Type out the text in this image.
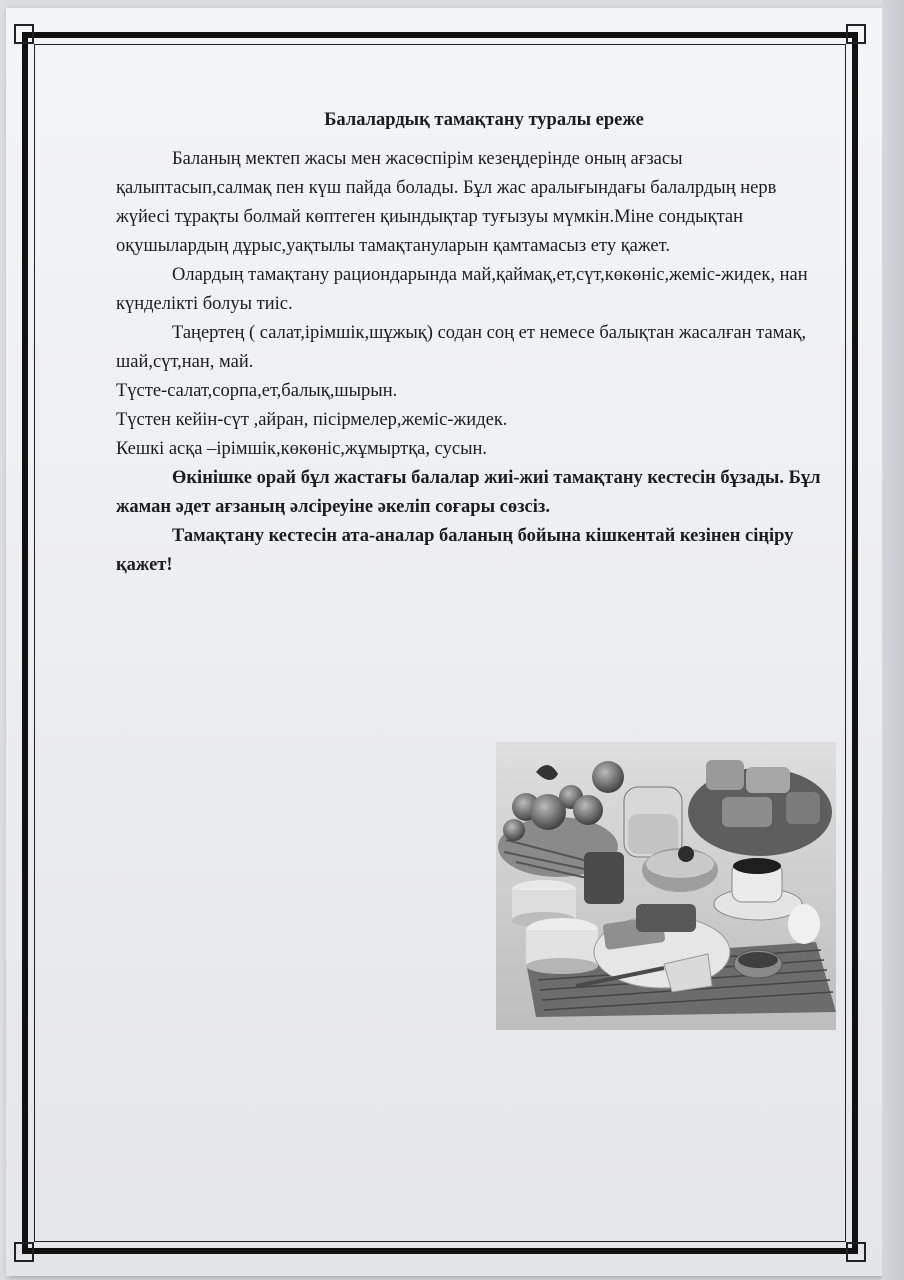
Балалардық тамақтану туралы ереже

Баланың мектеп жасы мен жасөспірім кезеңдерінде оның ағзасы қалыптасып,салмақ пен күш пайда болады. Бұл жас аралығындағы балалрдың нерв жүйесі тұрақты болмай көптеген қиындықтар туғызуы мүмкін.Міне сондықтан оқушылардың дұрыс,уақтылы тамақтануларын қамтамасыз ету қажет.

Олардың тамақтану рациондарында май,қаймақ,ет,сүт,көкөніс,жеміс-жидек, нан күнделікті болуы тиіс.

Таңертең ( салат,ірімшік,шұжық) содан соң ет немесе балықтан жасалған тамақ, шай,сүт,нан, май.

Түсте-салат,сорпа,ет,балық,шырын.

Түстен кейін-сүт ,айран, пісірмелер,жеміс-жидек.

Кешкі асқа –ірімшік,көкөніс,жұмыртқа, сусын.

Өкінішке орай бұл жастағы балалар жиі-жиі тамақтану кестесін бұзады. Бұл жаман әдет ағзаның әлсіреуіне әкеліп соғары сөзсіз.

Тамақтану кестесін ата-аналар баланың бойына кішкентай кезінен сіңіру қажет!
